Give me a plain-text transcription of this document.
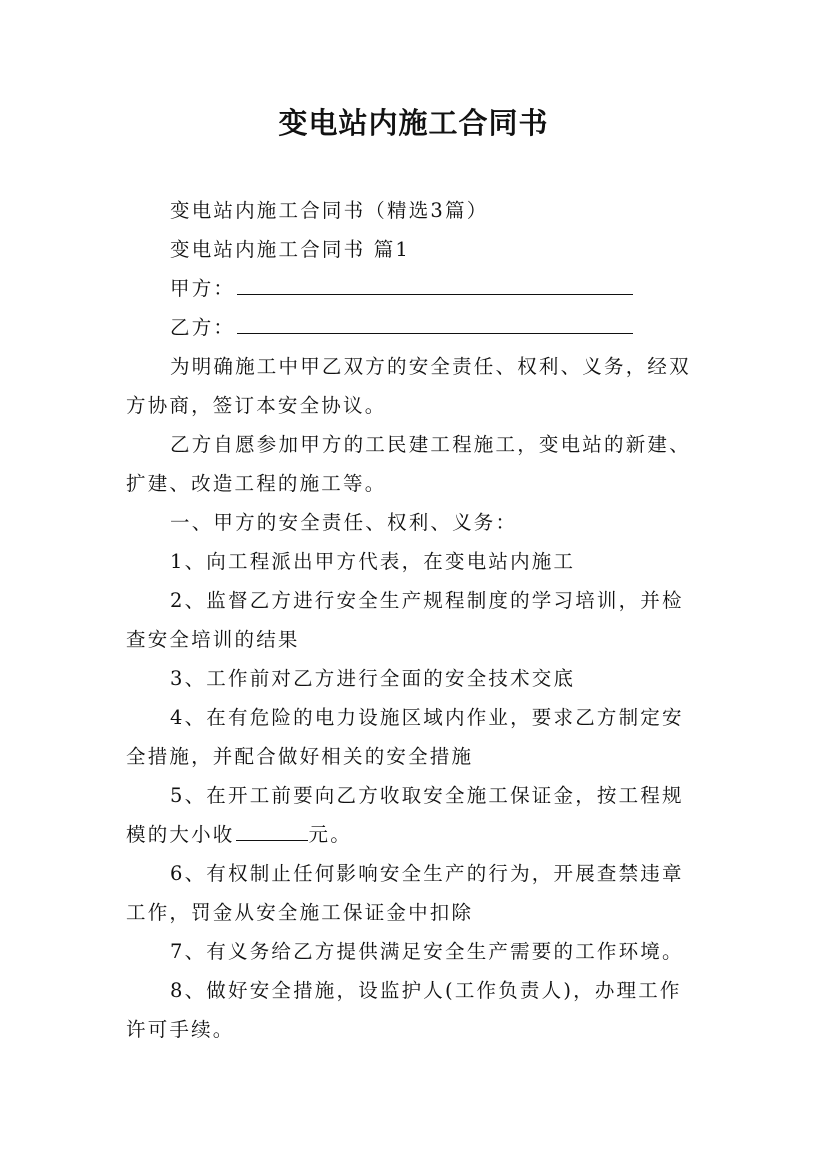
变电站内施工合同书
变电站内施工合同书（精选3篇）
变电站内施工合同书 篇1
甲方：
乙方：
为明确施工中甲乙双方的安全责任、权利、义务，经双
方协商，签订本安全协议。
乙方自愿参加甲方的工民建工程施工，变电站的新建、
扩建、改造工程的施工等。
一、甲方的安全责任、权利、义务：
1、向工程派出甲方代表，在变电站内施工
2、监督乙方进行安全生产规程制度的学习培训，并检
查安全培训的结果
3、工作前对乙方进行全面的安全技术交底
4、在有危险的电力设施区域内作业，要求乙方制定安
全措施，并配合做好相关的安全措施
5、在开工前要向乙方收取安全施工保证金，按工程规
模的大小收	元。
6、有权制止任何影响安全生产的行为，开展查禁违章
工作，罚金从安全施工保证金中扣除
7、有义务给乙方提供满足安全生产需要的工作环境。
8、做好安全措施，设监护人(工作负责人)，办理工作
许可手续。
